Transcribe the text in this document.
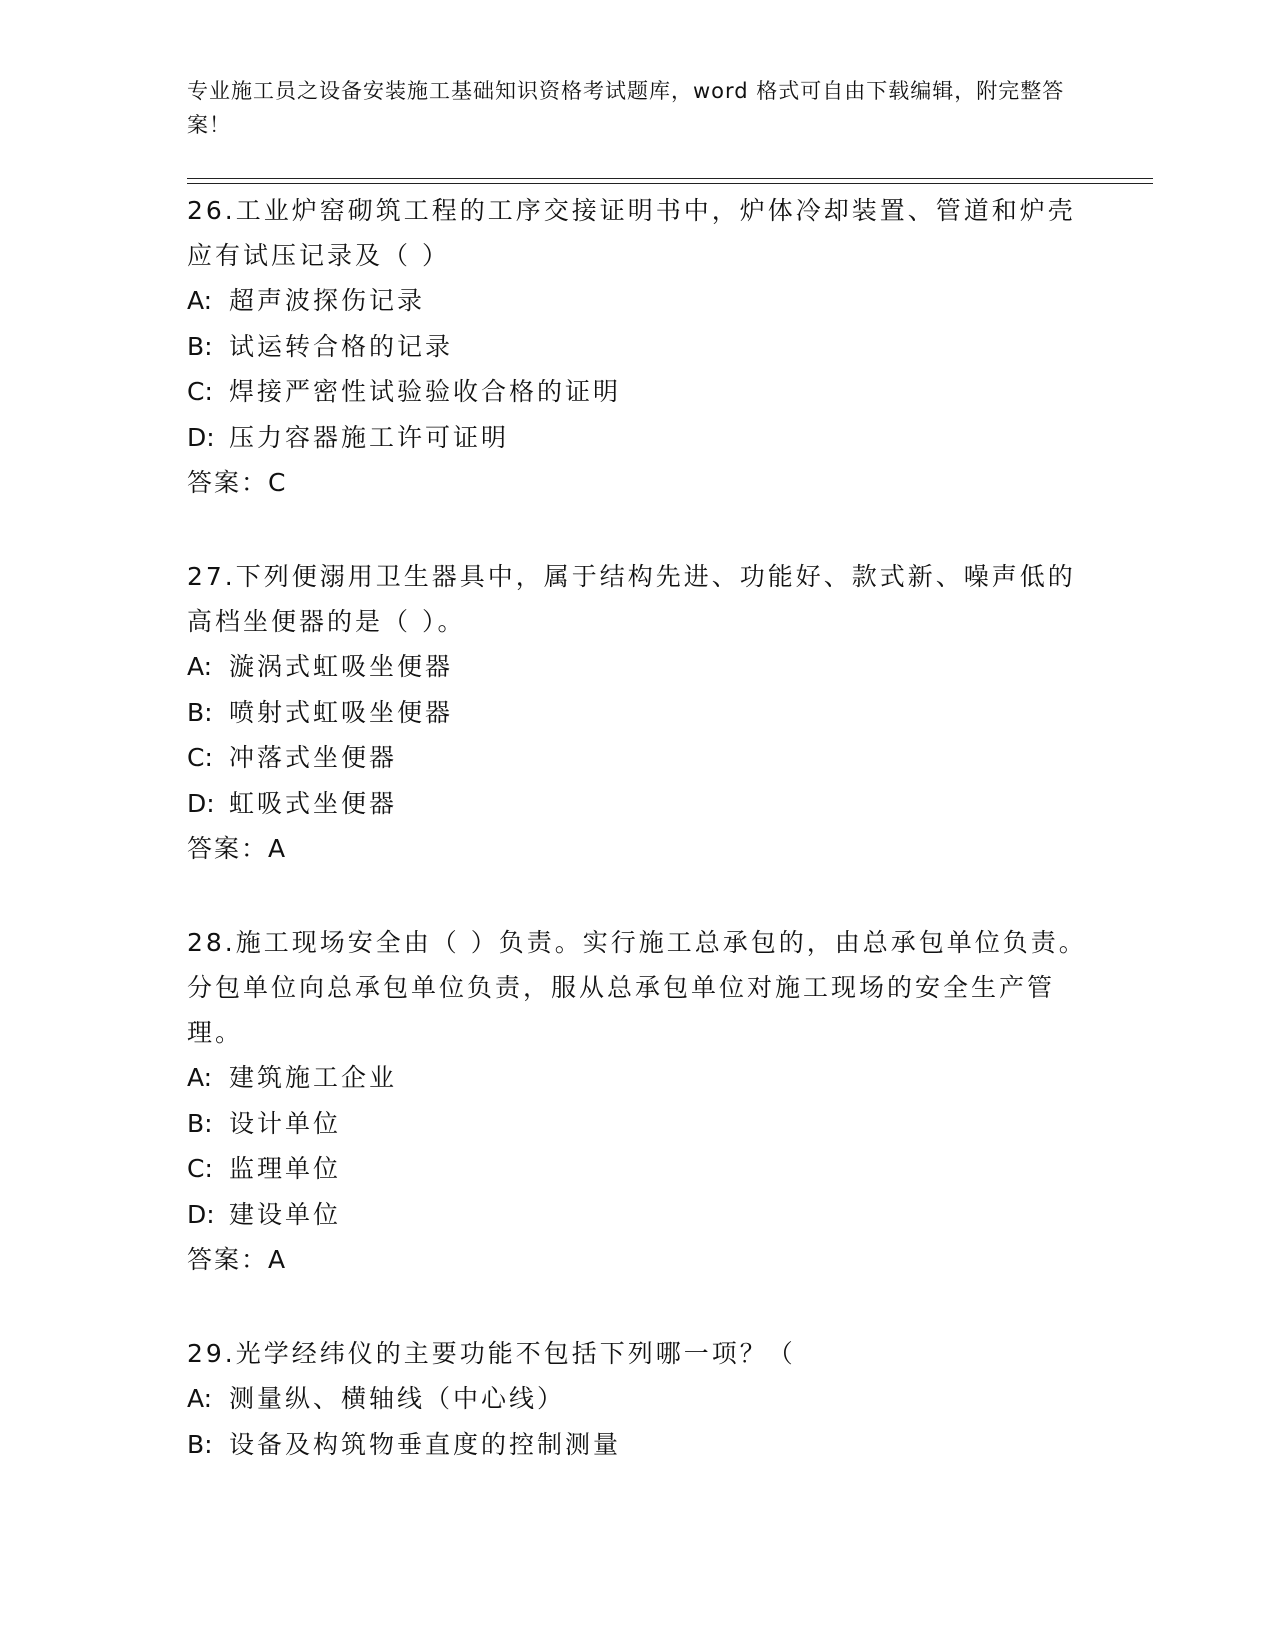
专业施工员之设备安装施工基础知识资格考试题库，word 格式可自由下载编辑，附完整答案！

26.工业炉窑砌筑工程的工序交接证明书中，炉体冷却装置、管道和炉壳应有试压记录及（ ）

A: 超声波探伤记录

B: 试运转合格的记录

C: 焊接严密性试验验收合格的证明

D: 压力容器施工许可证明

答案：C

27.下列便溺用卫生器具中，属于结构先进、功能好、款式新、噪声低的高档坐便器的是（ ）。

A: 漩涡式虹吸坐便器

B: 喷射式虹吸坐便器

C: 冲落式坐便器

D: 虹吸式坐便器

答案：A

28.施工现场安全由（ ）负责。实行施工总承包的，由总承包单位负责。分包单位向总承包单位负责，服从总承包单位对施工现场的安全生产管理。

A: 建筑施工企业

B: 设计单位

C: 监理单位

D: 建设单位

答案：A

29.光学经纬仪的主要功能不包括下列哪一项？（

A: 测量纵、横轴线（中心线）

B: 设备及构筑物垂直度的控制测量
